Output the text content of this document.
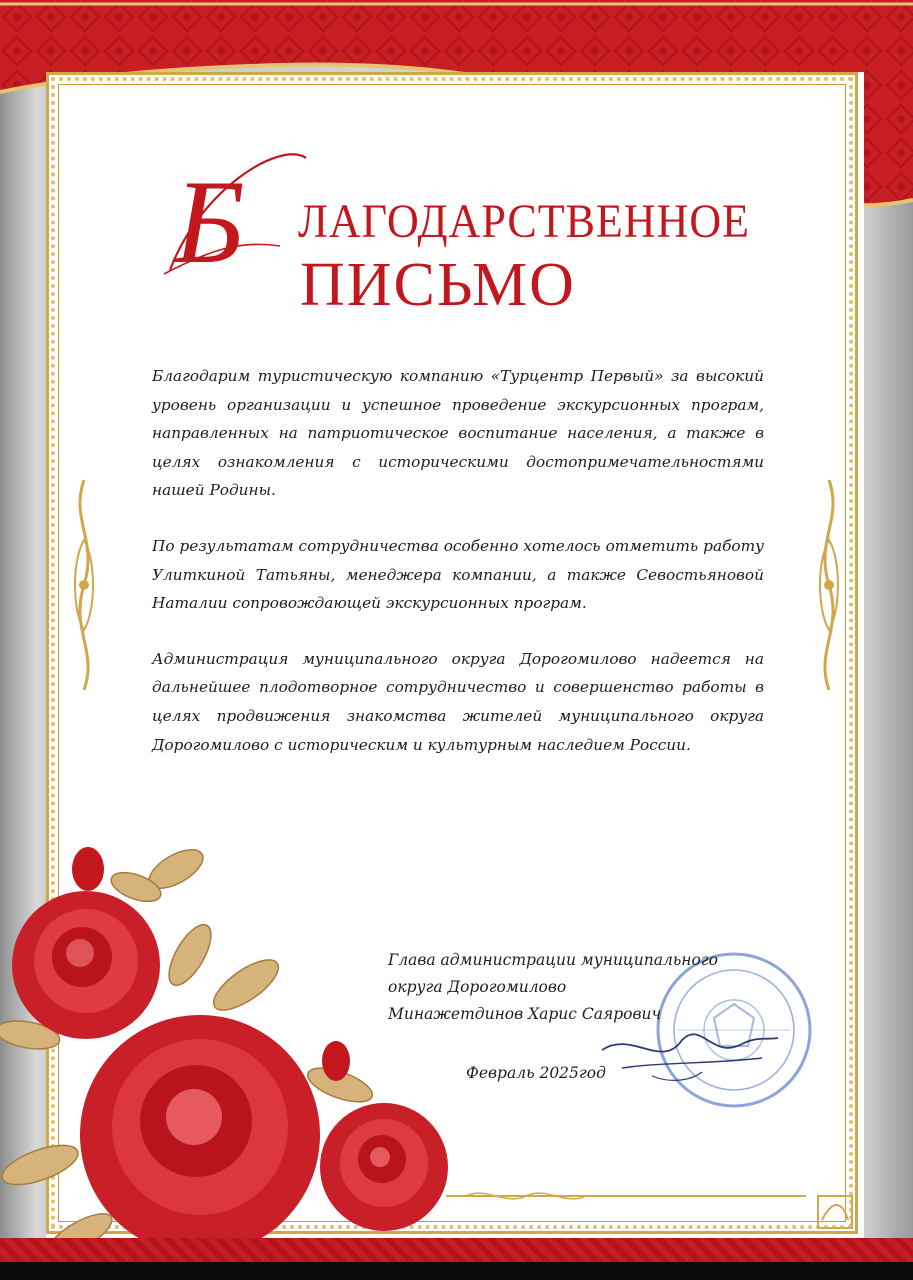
Б ЛАГОДАРСТВЕННОЕ
ПИСЬМО

Благодарим туристическую компанию «Турцентр Первый» за высокий уровень организации и успешное проведение экскурсионных програм, направленных на патриотическое воспитание населения, а также в целях ознакомления с историческими достопримечательностями нашей Родины.

По результатам сотрудничества особенно хотелось отметить работу Улиткиной Татьяны, менеджера компании, а также Севостьяновой Наталии сопровождающей экскурсионных програм.

Администрация муниципального округа Дорогомилово надеется на дальнейшее плодотворное сотрудничество и совершенство работы в целях продвижения знакомства жителей муниципального округа Дорогомилово с историческим и культурным наследием России.

Глава администрации муниципального
округа Дорогомилово
Минажетдинов Харис Саярович
Февраль 2025год
